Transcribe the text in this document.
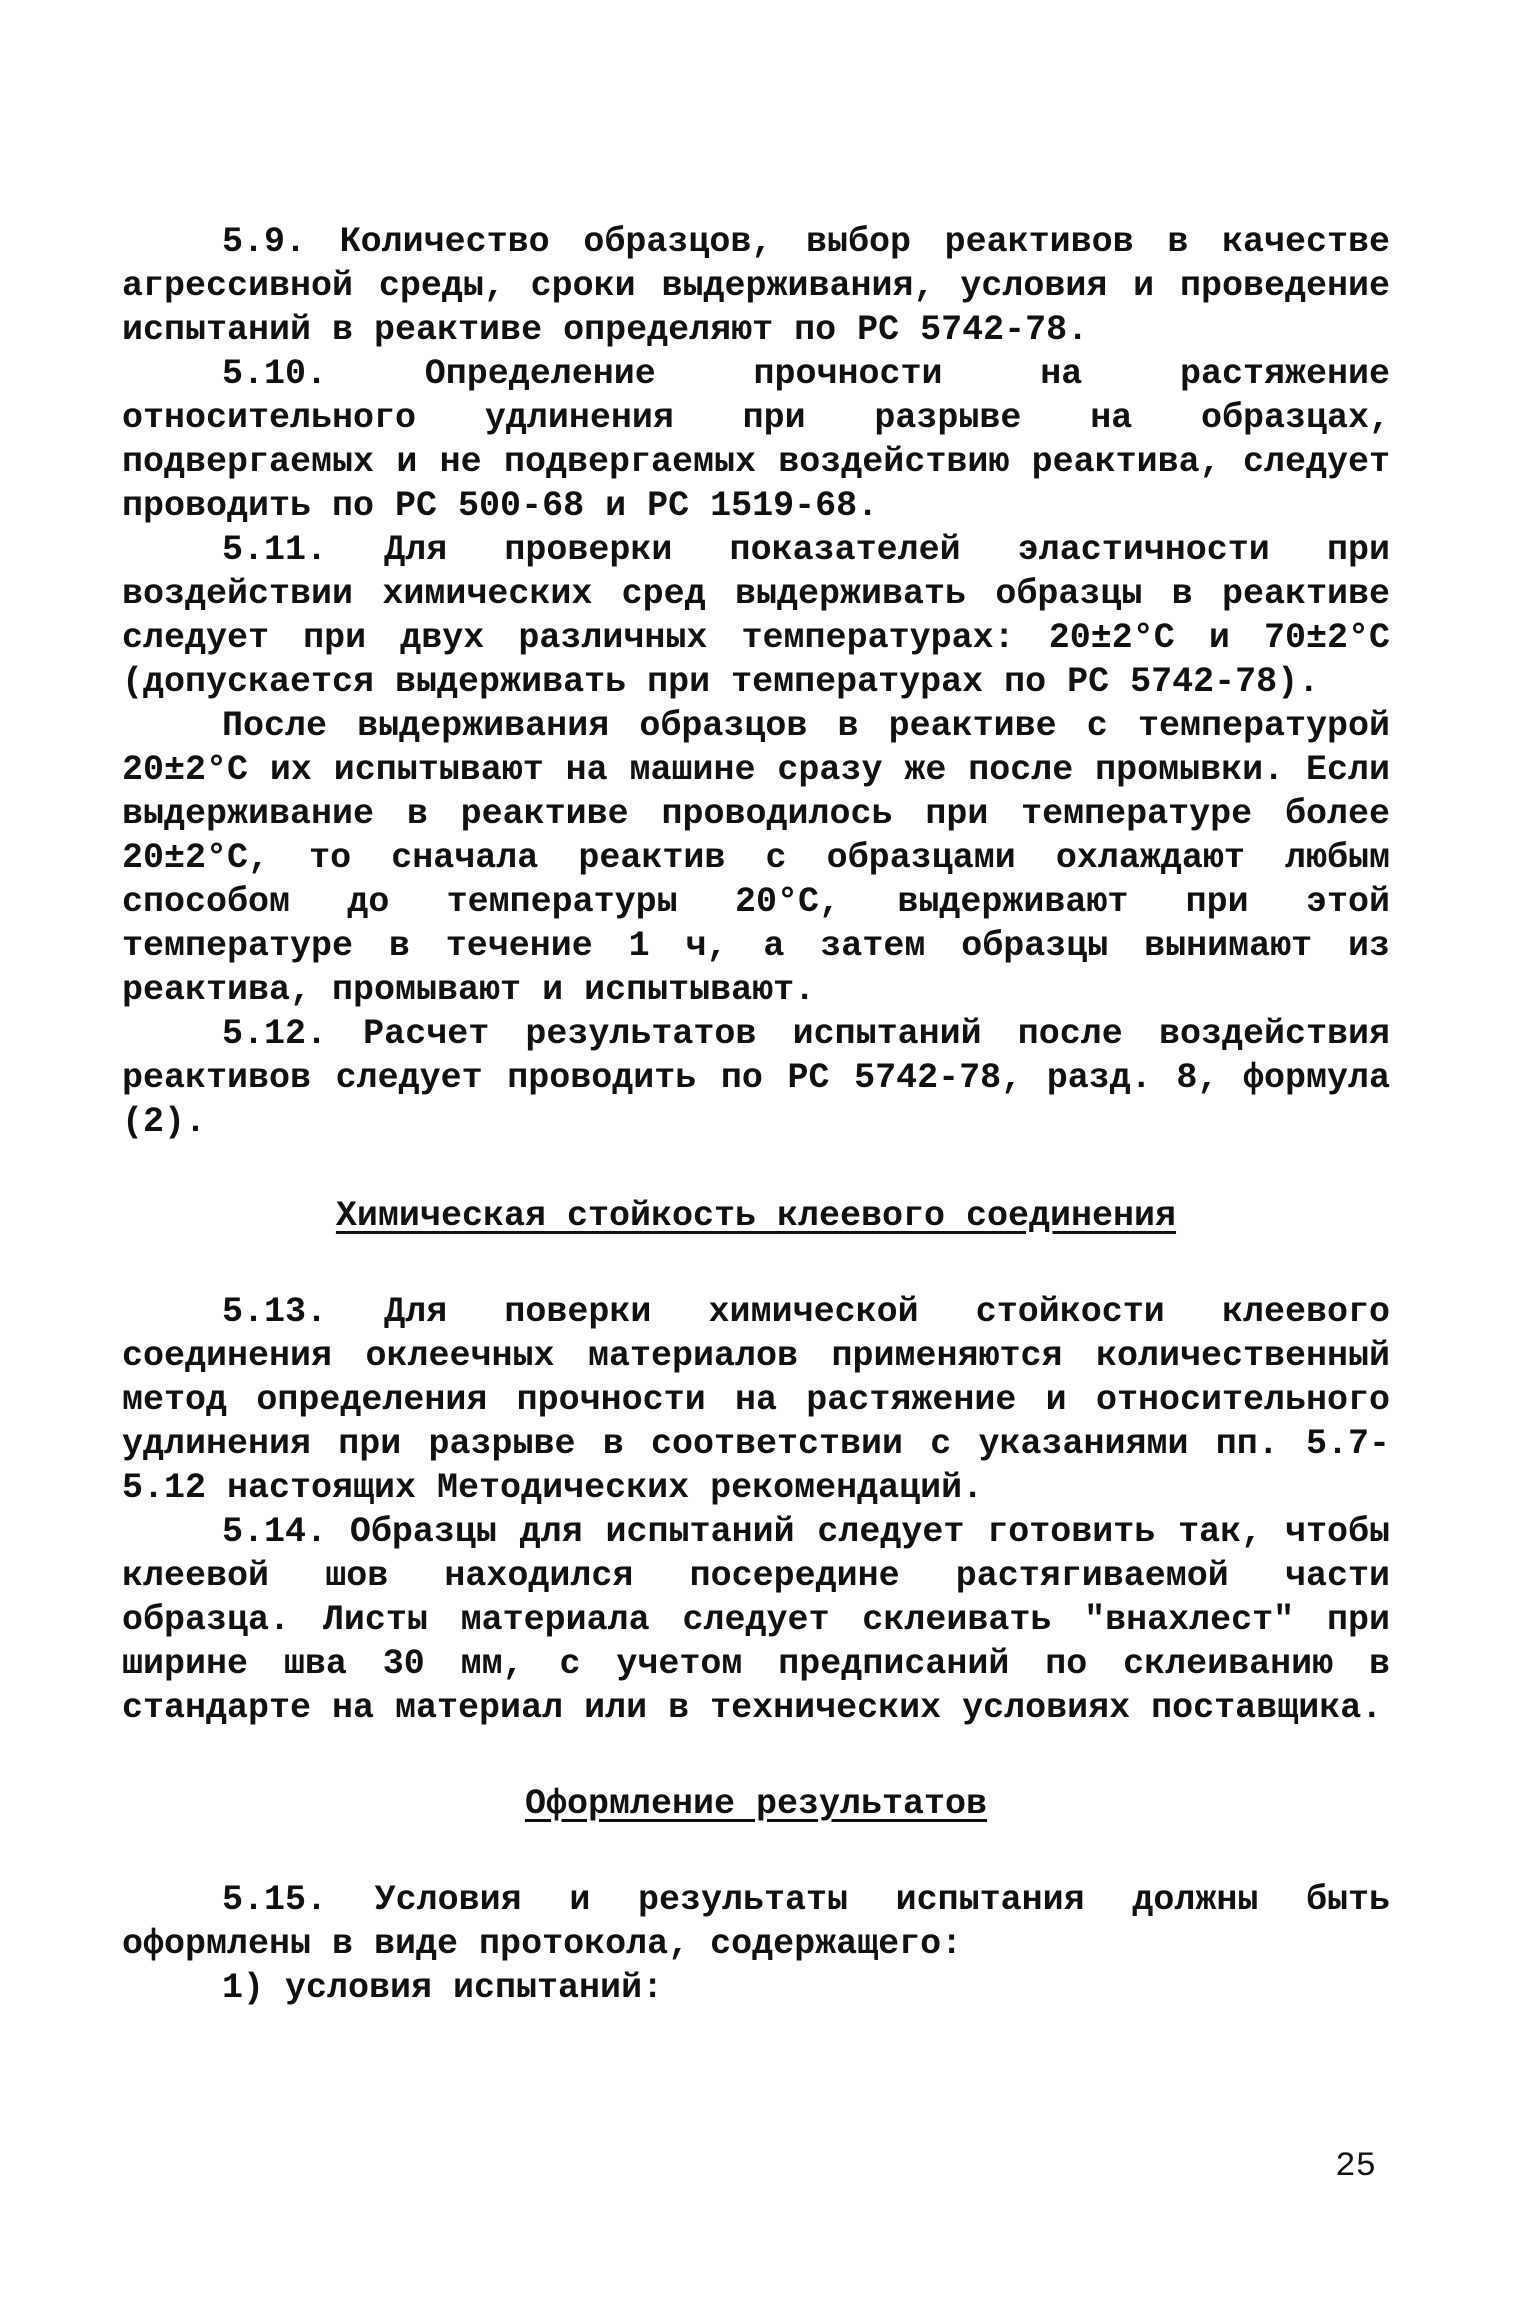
5.9. Количество образцов, выбор реактивов в качестве агрессивной среды, сроки выдерживания, условия и проведение испытаний в реактиве определяют по РС 5742-78.

5.10. Определение прочности на растяжение относительного удлинения при разрыве на образцах, подвергаемых и не подвергаемых воздействию реактива, следует проводить по РС 500-68 и РС 1519-68.

5.11. Для проверки показателей эластичности при воздействии химических сред выдерживать образцы в реактиве следует при двух различных температурах: 20±2°С и 70±2°С (допускается выдерживать при температурах по РС 5742-78).

После выдерживания образцов в реактиве с температурой 20±2°С их испытывают на машине сразу же после промывки. Если выдерживание в реактиве проводилось при температуре более 20±2°С, то сначала реактив с образцами охлаждают любым способом до температуры 20°С, выдерживают при этой температуре в течение 1 ч, а затем образцы вынимают из реактива, промывают и испытывают.

5.12. Расчет результатов испытаний после воздействия реактивов следует проводить по РС 5742-78, разд. 8, формула (2).

Химическая стойкость клеевого соединения

5.13. Для поверки химической стойкости клеевого соединения оклеечных материалов применяются количественный метод определения прочности на растяжение и относительного удлинения при разрыве в соответствии с указаниями пп. 5.7-5.12 настоящих Методических рекомендаций.

5.14. Образцы для испытаний следует готовить так, чтобы клеевой шов находился посередине растягиваемой части образца. Листы материала следует склеивать "внахлест" при ширине шва 30 мм, с учетом предписаний по склеиванию в стандарте на материал или в технических условиях поставщика.

Оформление результатов

5.15. Условия и результаты испытания должны быть оформлены в виде протокола, содержащего:

1) условия испытаний:

25
